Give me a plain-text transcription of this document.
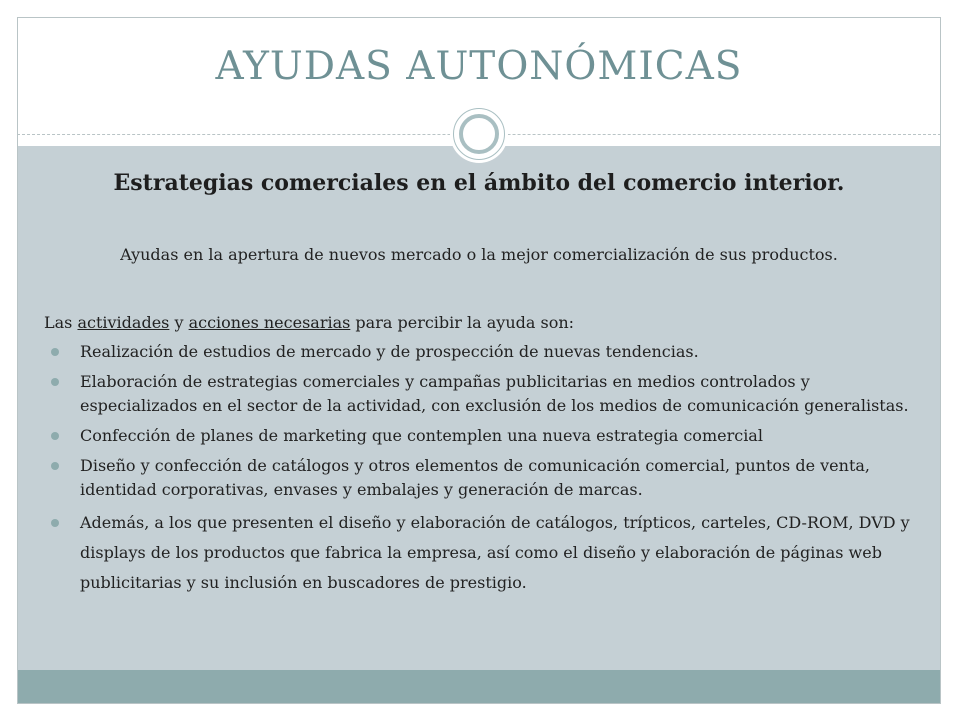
AYUDAS AUTONÓMICAS
Estrategias comerciales en el ámbito del comercio interior.

Ayudas en la apertura de nuevos mercado o la mejor comercialización de sus productos.

Las actividades y acciones necesarias para percibir la ayuda son:

Realización de estudios de mercado y de prospección de nuevas tendencias.
Elaboración de estrategias comerciales y campañas publicitarias en medios controlados y especializados en el sector de la actividad, con exclusión de los medios de comunicación generalistas.
Confección de planes de marketing que contemplen una nueva estrategia comercial
Diseño y confección de catálogos y otros elementos de comunicación comercial, puntos de venta, identidad corporativas, envases y embalajes y generación de marcas.
Además, a los que presenten el diseño y elaboración de catálogos, trípticos, carteles, CD-ROM, DVD y displays de los productos que fabrica la empresa, así como el diseño y elaboración de páginas web publicitarias y su inclusión en buscadores de prestigio.
